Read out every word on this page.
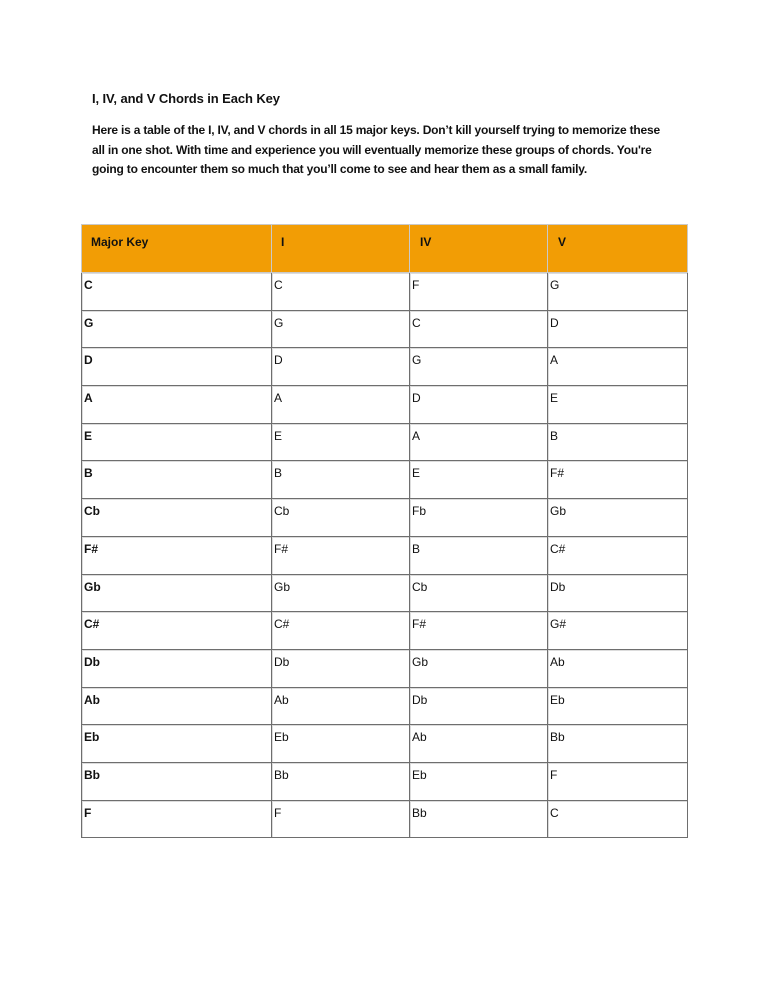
I, IV, and V Chords in Each Key
Here is a table of the I, IV, and V chords in all 15 major keys. Don’t kill yourself trying to memorize these
all in one shot. With time and experience you will eventually memorize these groups of chords. You're
going to encounter them so much that you’ll come to see and hear them as a small family.
Major Key	I	IV	V
C	C	F	G
G	G	C	D
D	D	G	A
A	A	D	E
E	E	A	B
B	B	E	F#
Cb	Cb	Fb	Gb
F#	F#	B	C#
Gb	Gb	Cb	Db
C#	C#	F#	G#
Db	Db	Gb	Ab
Ab	Ab	Db	Eb
Eb	Eb	Ab	Bb
Bb	Bb	Eb	F
F	F	Bb	C
